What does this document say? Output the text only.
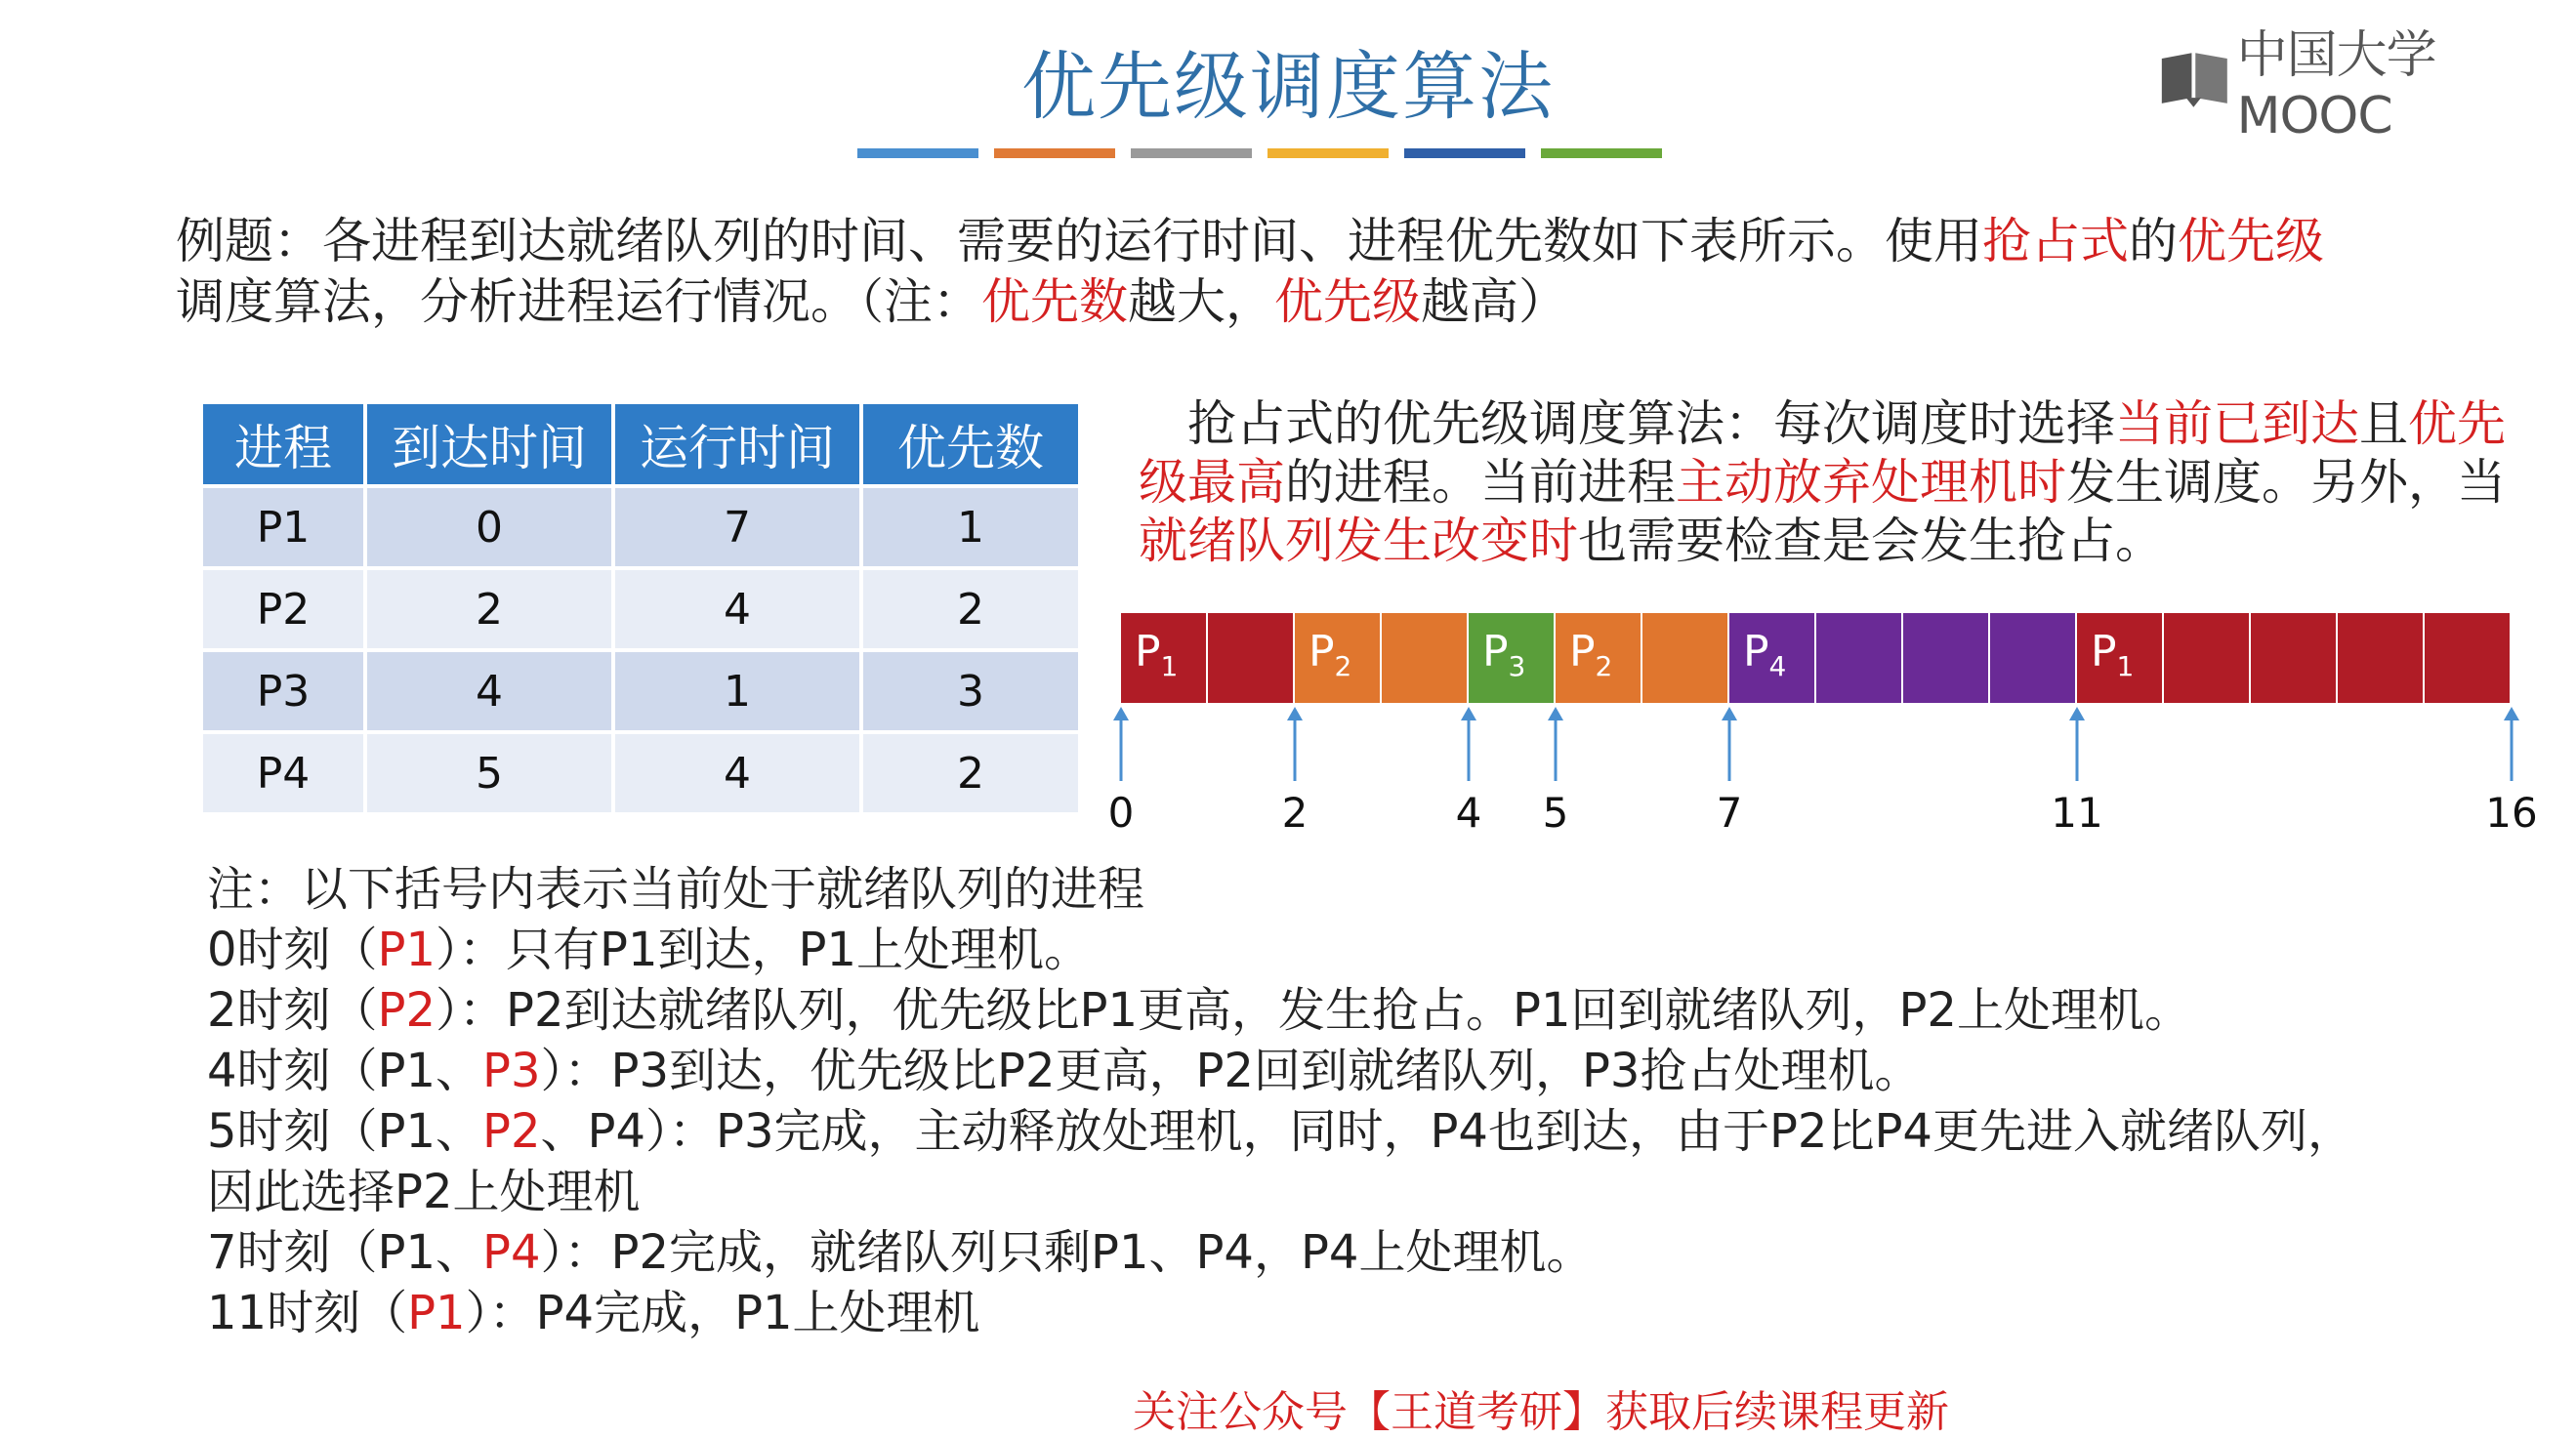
优先级调度算法	中国大学MOOC
例题：各进程到达就绪队列的时间、需要的运行时间、进程优先数如下表所示。使用抢占式的优先级
调度算法，分析进程运行情况。（注：优先数越大，优先级越高）
进程	到达时间	运行时间	优先数
P1	0	7	1
P2	2	4	2
P3	4	1	3
P4	5	4	2
抢占式的优先级调度算法：每次调度时选择当前已到达且优先级最高的进程。当前进程主动放弃处理机时发生调度。另外，当就绪队列发生改变时也需要检查是会发生抢占。
$P_1$	$P_2$	$P_3$ $P_2$	$P_4$	$P_1$
0	2	4 5	7	11	16
注：以下括号内表示当前处于就绪队列的进程
0时刻（P1）：只有P1到达，P1上处理机。
2时刻（P2）：P2到达就绪队列，优先级比P1更高，发生抢占。P1回到就绪队列，P2上处理机。
4时刻（P1、P3）：P3到达，优先级比P2更高，P2回到就绪队列，P3抢占处理机。
5时刻（P1、P2、P4）：P3完成，主动释放处理机，同时，P4也到达，由于P2比P4更先进入就绪队列，
因此选择P2上处理机
7时刻（P1、P4）：P2完成，就绪队列只剩P1、P4，P4上处理机。
11时刻（P1）：P4完成，P1上处理机
关注公众号【王道考研】获取后续课程更新
